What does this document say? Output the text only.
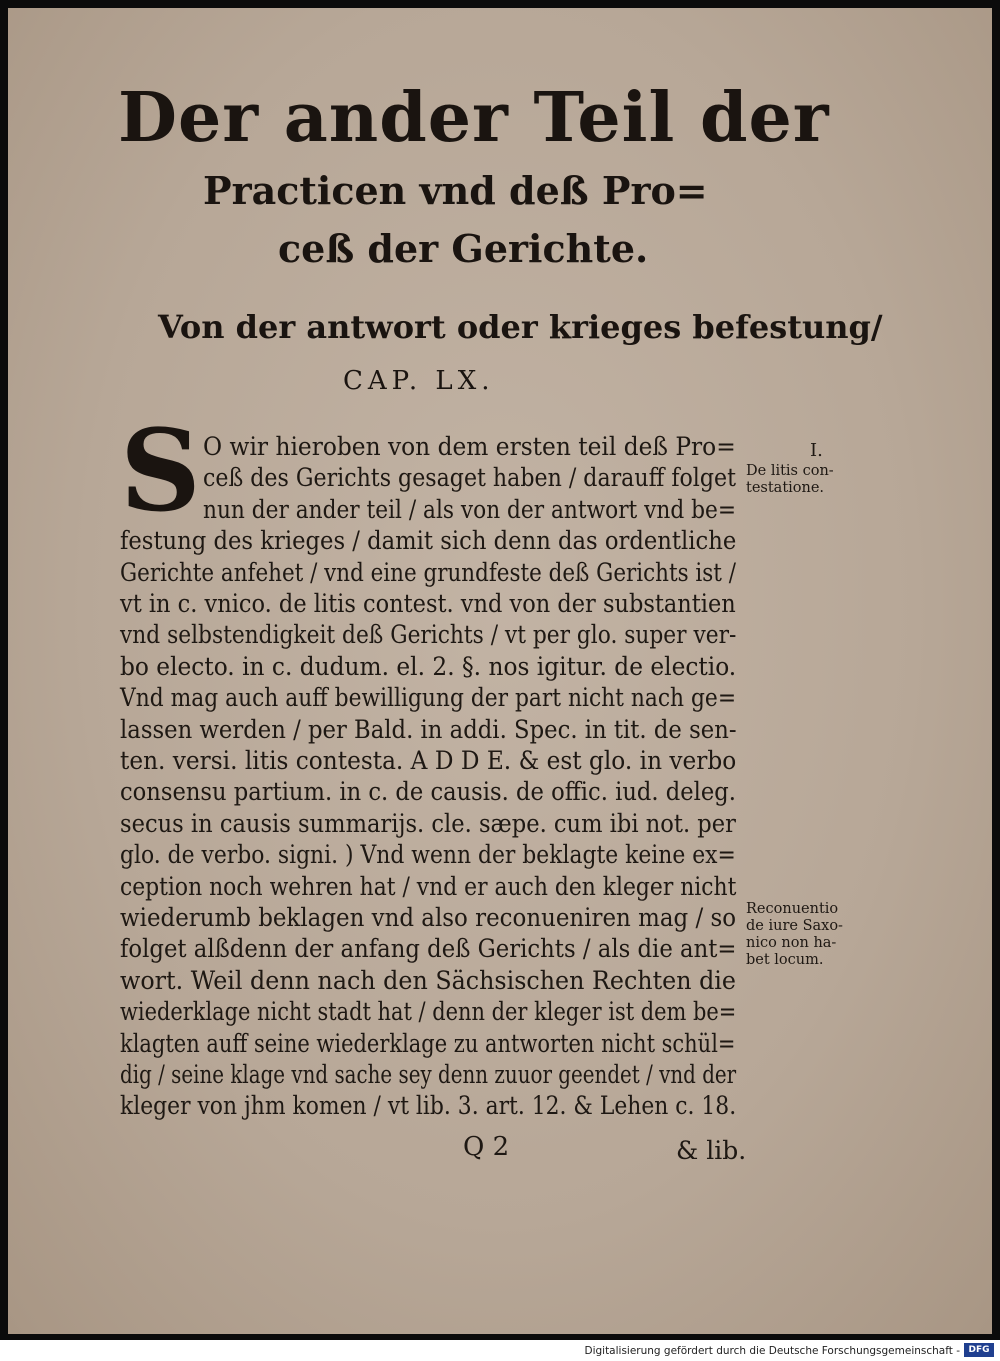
Der ander Teil der
Practicen vnd deß Pro=
ceß der Gerichte.
Von der antwort oder krieges befestung/
CAP. LX.
S O wir hieroben von dem ersten teil deß Pro=
ceß des Gerichts gesaget haben / darauff folget
nun der ander teil / als von der antwort vnd be=
festung des krieges / damit sich denn das ordentliche
Gerichte anfehet / vnd eine grundfeste deß Gerichts ist /
vt in c. vnico. de litis contest. vnd von der substantien
vnd selbstendigkeit deß Gerichts / vt per glo. super ver-
bo electo. in c. dudum. el. 2. §. nos igitur. de electio.
Vnd mag auch auff bewilligung der part nicht nach ge=
lassen werden / per Bald. in addi. Spec. in tit. de sen-
ten. versi. litis contesta. A D D E. & est glo. in verbo
consensu partium. in c. de causis. de offic. iud. deleg.
secus in causis summarijs. cle. sæpe. cum ibi not. per
glo. de verbo. signi. ) Vnd wenn der beklagte keine ex=
ception noch wehren hat / vnd er auch den kleger nicht
wiederumb beklagen vnd also reconueniren mag / so
folget alßdenn der anfang deß Gerichts / als die ant=
wort. Weil denn nach den Sächsischen Rechten die
wiederklage nicht stadt hat / denn der kleger ist dem be=
klagten auff seine wiederklage zu antworten nicht schül=
dig / seine klage vnd sache sey denn zuuor geendet / vnd der
kleger von jhm komen / vt lib. 3. art. 12. & Lehen c. 18.
I.
De litis con-
testatione.
Reconuentio
de iure Saxo-
nico non ha-
bet locum.
Q 2	& lib.
Digitalisierung gefördert durch die Deutsche Forschungsgemeinschaft - DFG
